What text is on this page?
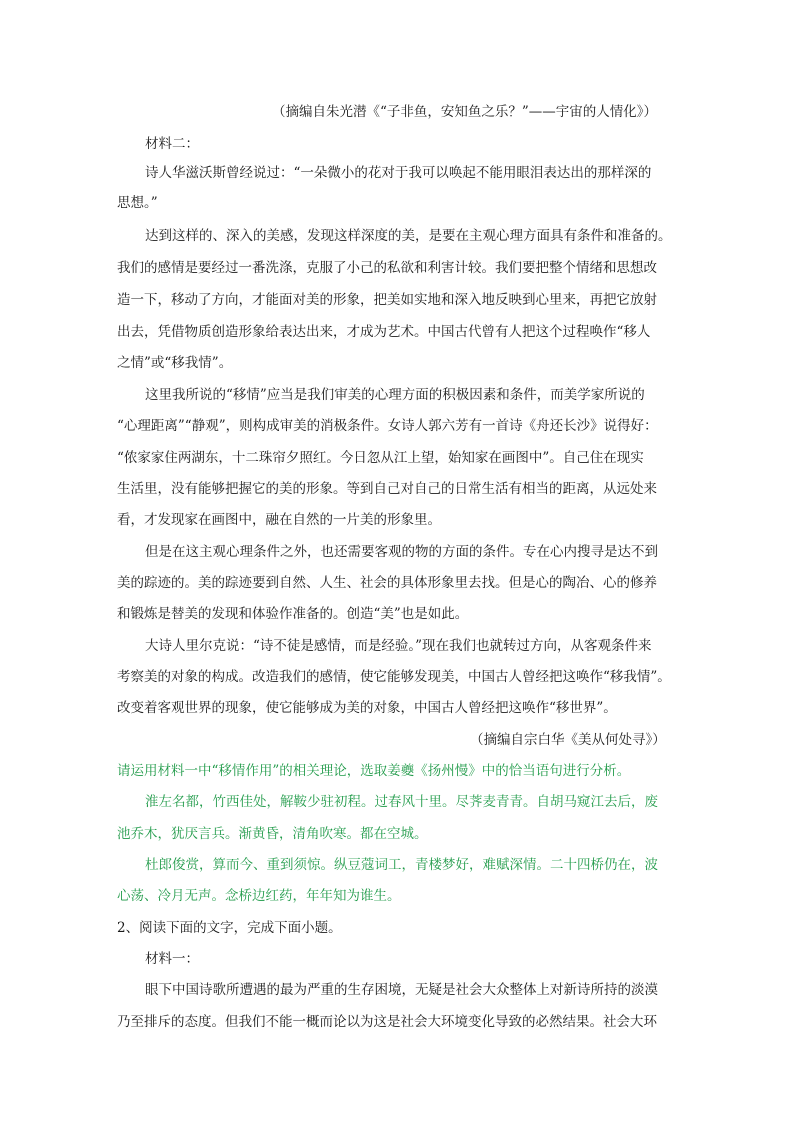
（摘编自朱光潜《“子非鱼，安知鱼之乐？”——宇宙的人情化》）
材料二：
诗人华滋沃斯曾经说过：“一朵微小的花对于我可以唤起不能用眼泪表达出的那样深的
思想。”
达到这样的、深入的美感，发现这样深度的美，是要在主观心理方面具有条件和准备的。
我们的感情是要经过一番洗涤，克服了小己的私欲和利害计较。我们要把整个情绪和思想改
造一下，移动了方向，才能面对美的形象，把美如实地和深入地反映到心里来，再把它放射
出去，凭借物质创造形象给表达出来，才成为艺术。中国古代曾有人把这个过程唤作“移人
之情”或“移我情”。
这里我所说的“移情”应当是我们审美的心理方面的积极因素和条件，而美学家所说的
“心理距离”“静观”，则构成审美的消极条件。女诗人郭六芳有一首诗《舟还长沙》说得好：
“侬家家住两湖东，十二珠帘夕照红。今日忽从江上望，始知家在画图中”。自己住在现实
生活里，没有能够把握它的美的形象。等到自己对自己的日常生活有相当的距离，从远处来
看，才发现家在画图中，融在自然的一片美的形象里。
但是在这主观心理条件之外，也还需要客观的物的方面的条件。专在心内搜寻是达不到
美的踪迹的。美的踪迹要到自然、人生、社会的具体形象里去找。但是心的陶冶、心的修养
和锻炼是替美的发现和体验作准备的。创造“美”也是如此。
大诗人里尔克说：“诗不徒是感情，而是经验。”现在我们也就转过方向，从客观条件来
考察美的对象的构成。改造我们的感情，使它能够发现美，中国古人曾经把这唤作“移我情”。
改变着客观世界的现象，使它能够成为美的对象，中国古人曾经把这唤作“移世界”。
（摘编自宗白华《美从何处寻》）
请运用材料一中“移情作用”的相关理论，选取姜夔《扬州慢》中的恰当语句进行分析。
淮左名都，竹西佳处，解鞍少驻初程。过春风十里。尽荠麦青青。自胡马窥江去后，废
池乔木，犹厌言兵。渐黄昏，清角吹寒。都在空城。
杜郎俊赏，算而今、重到须惊。纵豆蔻词工，青楼梦好，难赋深情。二十四桥仍在，波
心荡、冷月无声。念桥边红药，年年知为谁生。
2、阅读下面的文字，完成下面小题。
材料一：
眼下中国诗歌所遭遇的最为严重的生存困境，无疑是社会大众整体上对新诗所持的淡漠
乃至排斥的态度。但我们不能一概而论以为这是社会大环境变化导致的必然结果。社会大环
